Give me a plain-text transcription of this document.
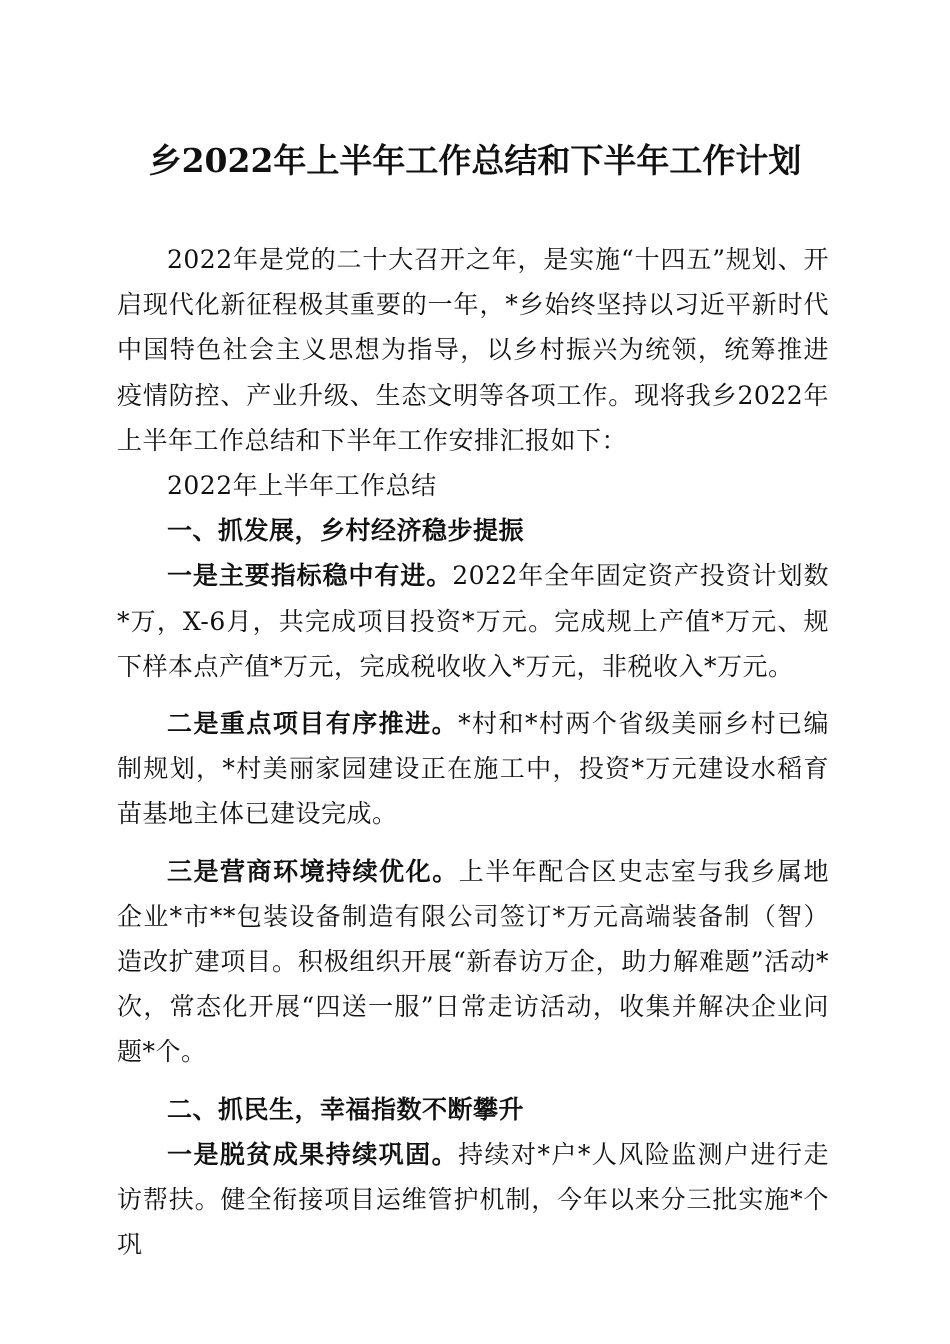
乡2022年上半年工作总结和下半年工作计划

2022年是党的二十大召开之年，是实施“十四五”规划、开启现代化新征程极其重要的一年，*乡始终坚持以习近平新时代中国特色社会主义思想为指导，以乡村振兴为统领，统筹推进疫情防控、产业升级、生态文明等各项工作。现将我乡2022年上半年工作总结和下半年工作安排汇报如下：

2022年上半年工作总结

一、抓发展，乡村经济稳步提振

一是主要指标稳中有进。2022年全年固定资产投资计划数*万，X-6月，共完成项目投资*万元。完成规上产值*万元、规下样本点产值*万元，完成税收收入*万元，非税收入*万元。

二是重点项目有序推进。*村和*村两个省级美丽乡村已编制规划，*村美丽家园建设正在施工中，投资*万元建设水稻育苗基地主体已建设完成。

三是营商环境持续优化。上半年配合区史志室与我乡属地企业*市**包装设备制造有限公司签订*万元高端装备制（智）造改扩建项目。积极组织开展“新春访万企，助力解难题”活动*次，常态化开展“四送一服”日常走访活动，收集并解决企业问题*个。

二、抓民生，幸福指数不断攀升

一是脱贫成果持续巩固。持续对*户*人风险监测户进行走访帮扶。健全衔接项目运维管护机制，今年以来分三批实施*个巩
